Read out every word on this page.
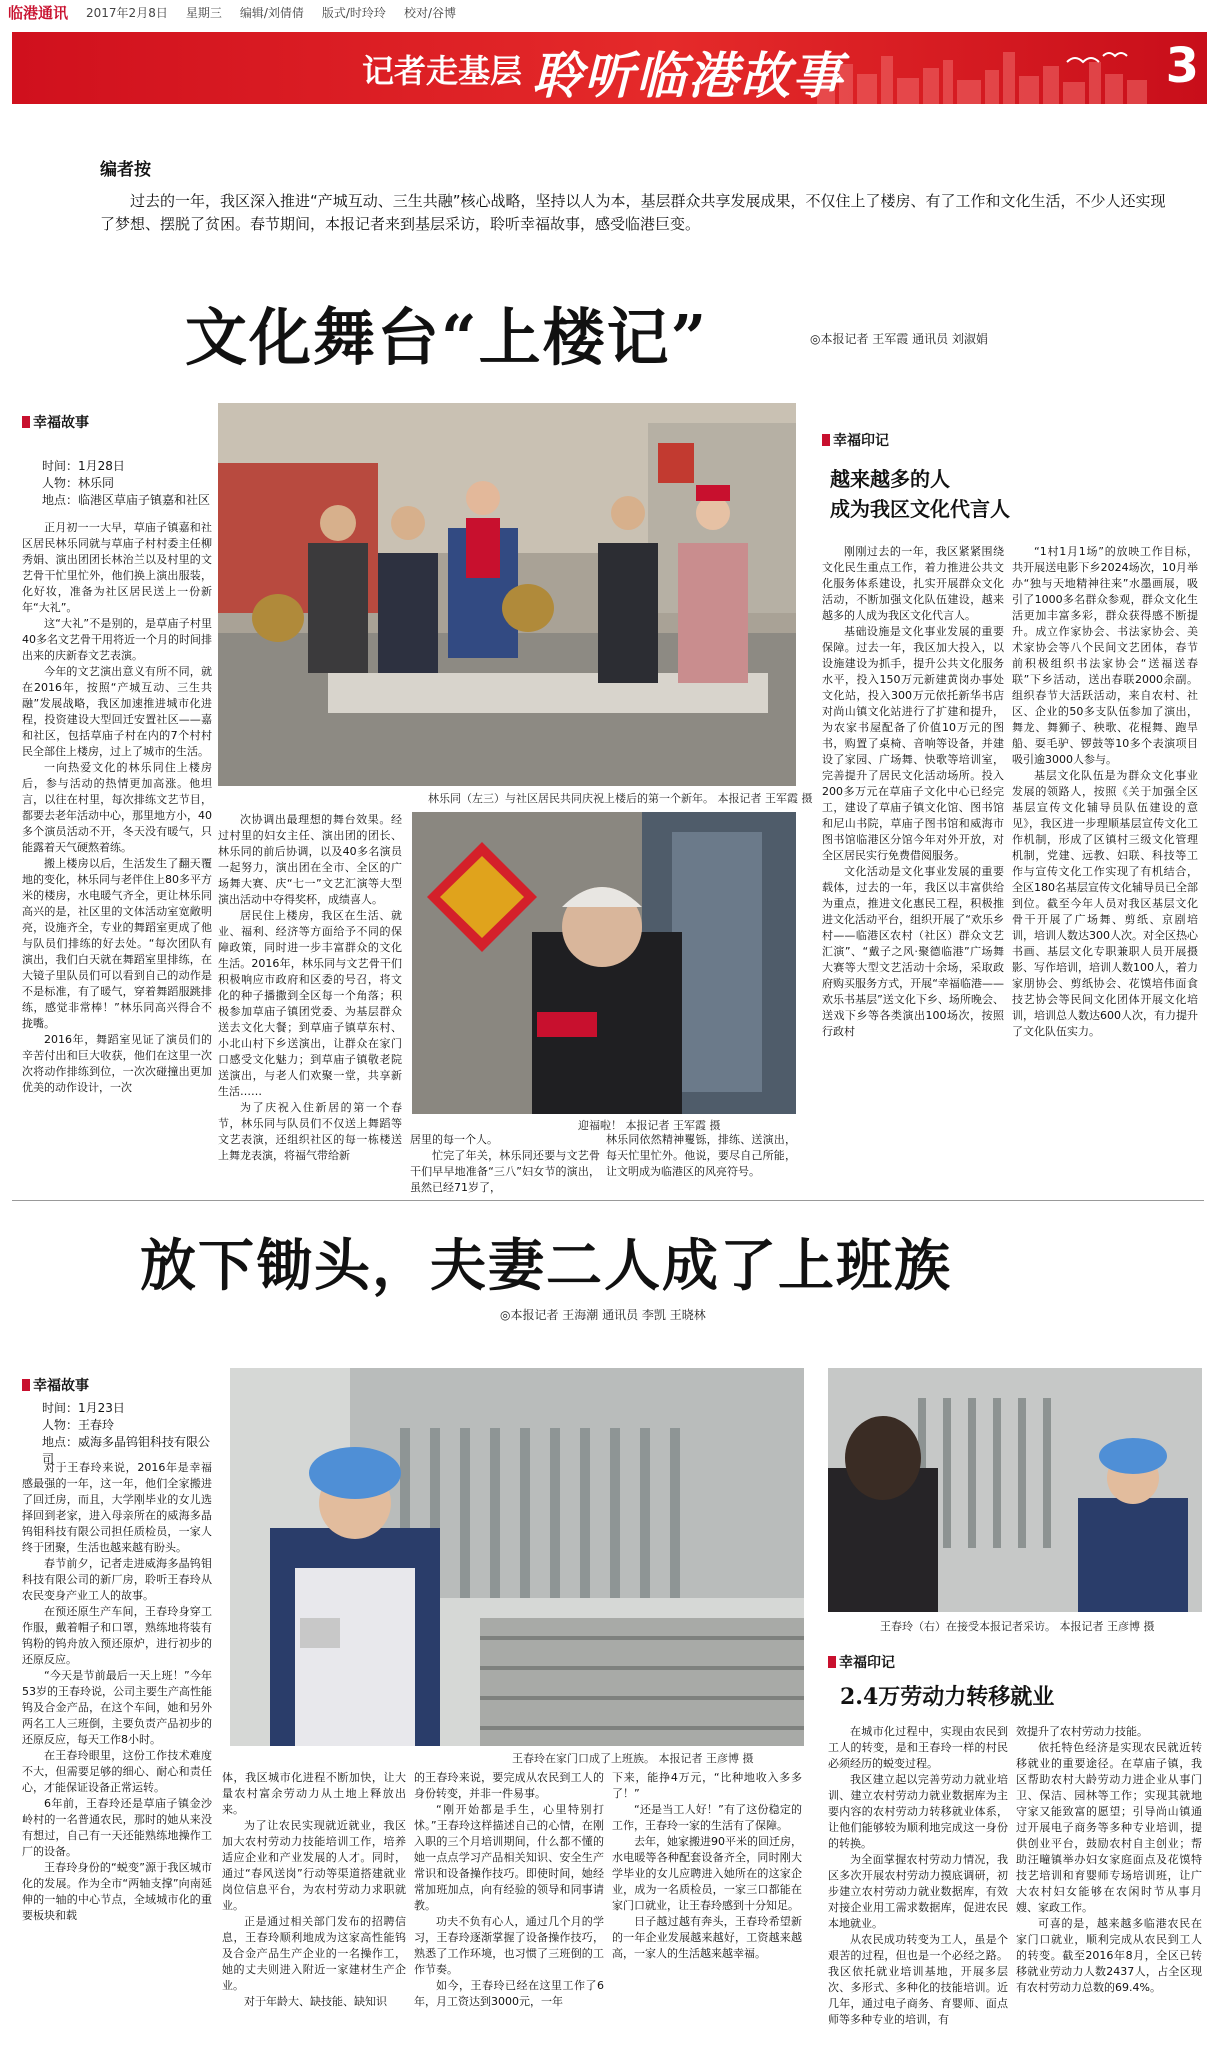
临港通讯 2017年2月8日 星期三 编辑/刘倩倩 版式/时玲玲 校对/谷博
记者走基层 聆听临港故事	3
编者按
过去的一年，我区深入推进“产城互动、三生共融”核心战略，坚持以人为本，基层群众共享发展成果，不仅住上了楼房、有了工作和文化生活，不少人还实现了梦想、摆脱了贫困。春节期间，本报记者来到基层采访，聆听幸福故事，感受临港巨变。
文化舞台“上楼记”	◎本报记者 王军霞 通讯员 刘淑娟
幸福故事
时间：1月28日
人物：林乐同
地点：临港区草庙子镇嘉和社区
林乐同（左三）与社区居民共同庆祝上楼后的第一个新年。 本报记者 王军霞 摄

正月初一一大早，草庙子镇嘉和社区居民林乐同就与草庙子村村委主任柳秀娟、演出团团长林治兰以及村里的文艺骨干忙里忙外，他们换上演出服装，化好妆，准备为社区居民送上一份新年“大礼”。

这“大礼”不是别的，是草庙子村里40多名文艺骨干用将近一个月的时间排出来的庆新春文艺表演。

今年的文艺演出意义有所不同，就在2016年，按照“产城互动、三生共融”发展战略，我区加速推进城市化进程，投资建设大型回迁安置社区——嘉和社区，包括草庙子村在内的7个村村民全部住上楼房，过上了城市的生活。

一向热爱文化的林乐同住上楼房后，参与活动的热情更加高涨。他坦言，以往在村里，每次排练文艺节目，都要去老年活动中心，那里地方小，40多个演员活动不开，冬天没有暖气，只能露着天气硬熬着练。

搬上楼房以后，生活发生了翻天覆地的变化，林乐同与老伴住上80多平方米的楼房，水电暖气齐全，更让林乐同高兴的是，社区里的文体活动室宽敞明亮，设施齐全，专业的舞蹈室更成了他与队员们排练的好去处。“每次团队有演出，我们白天就在舞蹈室里排练，在大镜子里队员们可以看到自己的动作是不是标准，有了暖气，穿着舞蹈服跳排练，感觉非常棒！”林乐同高兴得合不拢嘴。

2016年，舞蹈室见证了演员们的辛苦付出和巨大收获，他们在这里一次次将动作排练到位，一次次碰撞出更加优美的动作设计，一次

次协调出最理想的舞台效果。经过村里的妇女主任、演出团的团长、林乐同的前后协调，以及40多名演员一起努力，演出团在全市、全区的广场舞大赛、庆“七一”文艺汇演等大型演出活动中夺得奖杯，成绩喜人。

居民住上楼房，我区在生活、就业、福利、经济等方面给予不同的保障政策，同时进一步丰富群众的文化生活。2016年，林乐同与文艺骨干们积极响应市政府和区委的号召，将文化的种子播撒到全区每一个角落；积极参加草庙子镇团党委、为基层群众送去文化大餐；到草庙子镇草东村、小北山村下乡送演出，让群众在家门口感受文化魅力；到草庙子镇敬老院送演出，与老人们欢聚一堂，共享新生活……

为了庆祝入住新居的第一个春节，林乐同与队员们不仅送上舞蹈等文艺表演，还组织社区的每一栋楼送上舞龙表演，将福气带给新

迎福啦！ 本报记者 王军霞 摄

居里的每一个人。

忙完了年关，林乐同还要与文艺骨干们早早地准备“三八”妇女节的演出，虽然已经71岁了，

林乐同依然精神矍铄，排练、送演出，每天忙里忙外。他说，要尽自己所能，让文明成为临港区的风亮符号。

幸福印记
越来越多的人
成为我区文化代言人

刚刚过去的一年，我区紧紧围绕文化民生重点工作，着力推进公共文化服务体系建设，扎实开展群众文化活动，不断加强文化队伍建设，越来越多的人成为我区文化代言人。

基础设施是文化事业发展的重要保障。过去一年，我区加大投入，以设施建设为抓手，提升公共文化服务水平，投入150万元新建黄岗办事处文化站，投入300万元依托新华书店对尚山镇文化站进行了扩建和提升，为农家书屋配备了价值10万元的图书，购置了桌椅、音响等设备，并建设了家园、广场舞、快歌等培训室，完善提升了居民文化活动场所。投入200多万元在草庙子文化中心已经完工，建设了草庙子镇文化馆、图书馆和尼山书院，草庙子图书馆和威海市图书馆临港区分馆今年对外开放，对全区居民实行免费借阅服务。

文化活动是文化事业发展的重要载体，过去的一年，我区以丰富供给为重点，推进文化惠民工程，积极推进文化活动平台，组织开展了“欢乐乡村——临港区农村（社区）群众文艺汇演”、“戴子之风·聚德临港”广场舞大赛等大型文艺活动十余场，采取政府购买服务方式，开展“幸福临港——欢乐书基层”送文化下乡、场所晚会、送戏下乡等各类演出100场次，按照行政村

“1村1月1场”的放映工作目标，共开展送电影下乡2024场次，10月举办“独与天地精神往来”水墨画展，吸引了1000多名群众参观，群众文化生活更加丰富多彩，群众获得感不断提升。成立作家协会、书法家协会、美术家协会等八个民间文艺团体，春节前积极组织书法家协会“送福送春联”下乡活动，送出春联2000余副。组织春节大活跃活动，来自农村、社区、企业的50多支队伍参加了演出，舞龙、舞狮子、秧歌、花棍舞、跑旱船、耍毛驴、锣鼓等10多个表演项目吸引逾3000人参与。

基层文化队伍是为群众文化事业发展的领路人，按照《关于加强全区基层宣传文化辅导员队伍建设的意见》，我区进一步理顺基层宣传文化工作机制，形成了区镇村三级文化管理机制，党建、远教、妇联、科技等工作与宣传文化工作实现了有机结合，全区180名基层宣传文化辅导员已全部到位。截至今年人员对我区基层文化骨干开展了广场舞、剪纸、京剧培训，培训人数达300人次。对全区热心书画、基层文化专职兼职人员开展摄影、写作培训，培训人数100人，着力家朋协会、剪纸协会、花馍培伟面食技艺协会等民间文化团体开展文化培训，培训总人数达600人次，有力提升了文化队伍实力。

放下锄头，夫妻二人成了上班族
◎本报记者 王海潮 通讯员 李凯 王晓林
幸福故事
时间：1月23日
人物：王春玲
地点：威海多晶钨钼科技有限公司

对于王春玲来说，2016年是幸福感最强的一年，这一年，他们全家搬进了回迁房，而且，大学刚毕业的女儿选择回到老家，进入母亲所在的威海多晶钨钼科技有限公司担任质检员，一家人终于团聚，生活也越来越有盼头。

春节前夕，记者走进威海多晶钨钼科技有限公司的新厂房，聆听王春玲从农民变身产业工人的故事。

在预还原生产车间，王春玲身穿工作服，戴着帽子和口罩，熟练地将装有钨粉的钨舟放入预还原炉，进行初步的还原反应。

“今天是节前最后一天上班！”今年53岁的王春玲说，公司主要生产高性能钨及合金产品，在这个车间，她和另外两名工人三班倒，主要负责产品初步的还原反应，每天工作8小时。

在王春玲眼里，这份工作技术难度不大，但需要足够的细心、耐心和责任心，才能保证设备正常运转。

6年前，王春玲还是草庙子镇金沙岭村的一名普通农民，那时的她从来没有想过，自己有一天还能熟练地操作工厂的设备。

王春玲身份的“蜕变”源于我区城市化的发展。作为全市“两轴支撑”向南延伸的一轴的中心节点，全域城市化的重要板块和载

王春玲在家门口成了上班族。 本报记者 王彦博 摄

体，我区城市化进程不断加快，让大量农村富余劳动力从土地上释放出来。

为了让农民实现就近就业，我区加大农村劳动力技能培训工作，培养适应企业和产业发展的人才。同时，通过“春风送岗”行动等渠道搭建就业岗位信息平台，为农村劳动力求职就业。

正是通过相关部门发布的招聘信息，王春玲顺利地成为这家高性能钨及合金产品生产企业的一名操作工，她的丈夫则进入附近一家建材生产企业。

对于年龄大、缺技能、缺知识

的王春玲来说，要完成从农民到工人的身份转变，并非一件易事。

“刚开始都是手生，心里特别打怵。”王春玲这样描述自己的心情，在刚入职的三个月培训期间，什么都不懂的她一点点学习产品相关知识、安全生产常识和设备操作技巧。即使时间，她经常加班加点，向有经验的领导和同事请教。

功夫不负有心人，通过几个月的学习，王春玲逐渐掌握了设备操作技巧，熟悉了工作环境，也习惯了三班倒的工作节奏。

如今，王春玲已经在这里工作了6年，月工资达到3000元，一年

下来，能挣4万元，“比种地收入多多了！”

“还是当工人好！”有了这份稳定的工作，王春玲一家的生活有了保障。

去年，她家搬进90平米的回迁房，水电暖等各种配套设备齐全，同时刚大学毕业的女儿应聘进入她所在的这家企业，成为一名质检员，一家三口都能在家门口就业，让王春玲感到十分知足。

日子越过越有奔头，王春玲希望新的一年企业发展越来越好，工资越来越高，一家人的生活越来越幸福。

王春玲（右）在接受本报记者采访。 本报记者 王彦博 摄
幸福印记
2.4万劳动力转移就业

在城市化过程中，实现由农民到工人的转变，是和王春玲一样的村民必须经历的蜕变过程。

我区建立起以完善劳动力就业培训、建立农村劳动力就业数据库为主要内容的农村劳动力转移就业体系，让他们能够较为顺利地完成这一身份的转换。

为全面掌握农村劳动力情况，我区多次开展农村劳动力摸底调研，初步建立农村劳动力就业数据库，有效对接企业用工需求数据库，促进农民本地就业。

从农民成功转变为工人，虽是个艰苦的过程，但也是一个必经之路。我区依托就业培训基地，开展多层次、多形式、多种化的技能培训。近几年，通过电子商务、育婴师、面点师等多种专业的培训，有

效提升了农村劳动力技能。

依托特色经济是实现农民就近转移就业的重要途径。在草庙子镇，我区帮助农村大龄劳动力进企业从事门卫、保洁、园林等工作；实现其就地守家又能致富的愿望；引导尚山镇通过开展电子商务等多种专业培训，提供创业平台，鼓励农村自主创业；帮助汪疃镇举办妇女家庭面点及花馍特技艺培训和育婴师专场培训班，让广大农村妇女能够在农闲时节从事月嫂、家政工作。

可喜的是，越来越多临港农民在家门口就业，顺利完成从农民到工人的转变。截至2016年8月，全区已转移就业劳动力人数2437人，占全区现有农村劳动力总数的69.4%。
